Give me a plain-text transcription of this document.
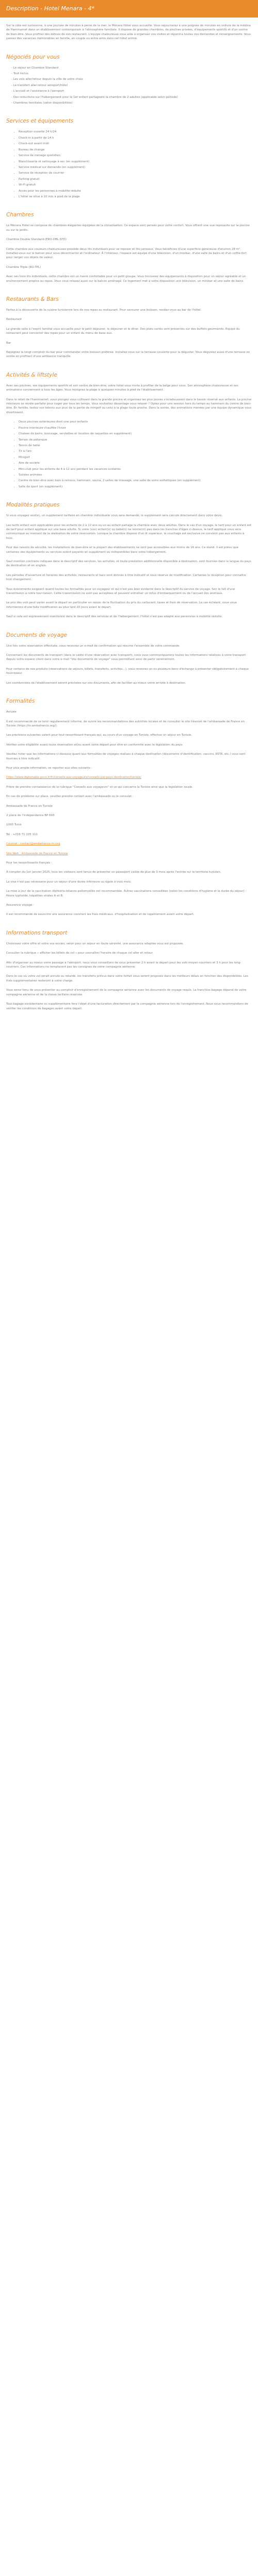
Description - Hotel Menara - 4*

Sur la côte est tunisienne, à une journée de minutes à peine de la mer, le Ménara Hôtel vous accueille. Vous séjournerez à une poignée de minutes en voiture de la médina de Hammamet dans un établissement contemporain à l'atmosphère familiale. Il dispose de grandes chambres, de piscines privées, d'équipements sportifs et d'un centre de bien-être. Vous profitez des délices de son restaurant. L'équipe chaleureuse vous aide à organiser vos visites et répond à toutes vos demandes et renseignements. Vous passez des vacances mémorables en famille, en couple ou entre amis dans cet hôtel animé.

Négociés pour vous
- Le séjour en Chambre Standard
- Tout inclus
- Les vols aller/retour depuis la ville de votre choix
- Le transfert aller-retour aéroport/hôtel
- L'accueil et l'assistance à l'aéroport
- Des réductions sur l'hébergement pour le 1er enfant partageant la chambre de 2 adultes (applicable selon période)
- Chambres familiales (selon disponibilités)
Services et équipements
• Réception ouverte 24 h/24
• Check-in à partir de 14 h
• Check-out avant midi
• Bureau de change
• Service de ménage quotidien
• Blanchisserie et nettoyage à sec (en supplément)
• Service médical sur demande (en supplément)
• Service de réception de courrier
• Parking gratuit
• Wi-Fi gratuit
• Accès pour les personnes à mobilité réduite
• L'hôtel se situe à 10 min à pied de la plage
Chambres

Le Ménara Hotel se compose de chambres élégantes équipées de la climatisation. Ce espace sont pensés pour votre confort. Vous offrent une vue reposante sur la piscine ou sur le jardin.

Chambre Double Standard (ERO-DBL-STD)

Cette chambre aux couleurs chaleureuses possède deux lits individuels pour se reposer et lits jumeaux. Vous bénéficiez d'une superficie généreuse d'environ 28 m². Installez-vous sur le balcon pour vous décontracter et l'ordinateur. À l'intérieur, l'espace est équipé d'une télévision, d'un minibar, d'une salle de bains et d'un coffre-fort pour ranger vos objets de valeur.

Chambre Triple (RO-TPL)

Avec ses trois lits individuels, cette chambre est un havre confortable pour un petit groupe. Vous trouverez des équipements à disposition pour un séjour agréable et un environnement propice au repos. Vous vous relaxez aussi sur le balcon aménagé. Ce logement met à votre disposition une télévision, un minibar et une salle de bains.

Restaurants & Bars

Partez à la découverte de la cuisine tunisienne lors de vos repas au restaurant. Pour savourer une boisson, rendez-vous au bar de l'hôtel.

Restaurant

La grande salle à l'esprit familial vous accueille pour le petit déjeuner, le déjeuner et le dîner. Des plats variés sont présentés sur des buffets gourmands. Equipé du restaurant peut concocter des repas pour un enfant du menu de base aux.

Bar

Rejoignez la longt comptoir du bar pour commander votre boisson préférée. Installez-vous sur la terrasse couverte pour la déguster. Vous dégustez aussi d'une terrasse en soirée en profitant d'une ambiance tranquille.

Activités & liftstyle

Avec ses piscines, ses équipements sportifs et son centre de bien-être, votre hôtel vous invite à profiter de la belge pour vous. Son atmosphère chaleureuse et ses animations conviennent à tous les âges. Vous rejoignez la plage à quelques minutes à pied de l'établissement.

Dans le relait de l'hammamet, vous piongez vous cultivant dans la grande piscine et organisez les plus jeunes s'éclaboussent dans le bassin réservé aux enfants. La piscine intérieure se révèle parfaite pour nager par tous les temps. Vous souhaitez davantage vous relaxer ? Optez pour une session hors du temps au hammam du centre de bien-être. En famille, testez vos talents aux jeux de la partie de mingolf ou celui à la plage toute proche. Dans la soirée, des animations menées par une équipe dynamique vous divertissent.

• Deux piscines extérieures dont une pour enfants
• Piscine intérieure chauffée l'hiver
• Chaises de bains, bronzage, serviettes et location de raquettes en supplément)
• Terrain de pétanque
• Tennis de table
• Tir à l'arc
• Minigolf
• Aire de société
• Mini-club pour les enfants de 4 à 12 ans pendant les vacances scolaires
• Soirées animées
• Centre de bien-être avec bain à remous, hammam, sauna, 2 salles de massage, une salle de soins esthétiques (en supplément)
• Salle de sport (en supplément)
Modalités pratiques

Si vous voyagez seul(e), un supplément tarifaire en chambre individuelle vous sera demandé, le supplément sera calculé directement dans votre devis.

Les tarifs enfant sont applicables pour les enfants de 2 à 12 ans ou un au enfant partage la chambre avec deux adultes. Dans le cas d'un voyage, le tarif pour un enfant est de tarif pour enfant applique sur une base adulte. Si votre (vos) enfant(s) ou bébé(s) ne rentre(nt) pas dans les tranches d'âges ci-dessus, le tarif appliqué vous sera communiqué au moment de la réalisation de votre réservation. Lorsque la chambre disposé d'un lit supérieur, le couchage est exclusive ne convient pas aux enfants à tous.

Pour des raisons de sécurité, les installations de bien-être et la plupart des établissements ne sont pas accessibles aux moins de 16 ans. Ce stand. Il est prévu que certaines des équipements ou services soient payants en supplément ou indisponibles dans votre hébergement.

Sauf mention contraire indiquée dans le descriptif des services, les activités, et toute prestation additionnelle disponible à destination, sont fournies dans la langue du pays de destination et en anglais.

Les périodes d'ouverture et horaires des activités, restaurants et bars sont donnés à titre indicatif et sous réserve de modification. Certaines le réception pour connaître tout changement.

Tous évenements exigeant quand toutes les formalités pour un voyageur et qui n'est pas bien évidente dans le descriptif du service de voyage. Son le fait d'une transmission à notre tour-liaison. Cette transmission ne sont pas acceptées et peuvent entraîner un refus d'embarquement ou de l'accueil des animaux.

Le prix des vols peut varier avant le départ en particulier en raison de la fluctuation du prix du carburant, taxes et frais de réservation. Le cas échéant, nous vous informerons d'une telle modification au plus tard 20 jours avant le départ.

Sauf si cela est expressément mentionné dans le descriptif des services et de l'hébergement, l'hôtel n'est pas adapté aux personnes à mobilité réduite.

Documents de voyage

Une fois votre réservation effectuée, vous recevrez un e-mail de confirmation qui résume l'ensemble de votre commande.

Concernant les documents de transport (dans le cadre d'une réservation avec transport), nous vous communiquerons toutes les informations relatives à votre transport depuis votre espace client dans votre e-mail "Vos documents de voyage" vous permettant ainsi de partir sereinement.

Pour certains de nos produits (réservations de séjours, billets, transferts, activités...), vous recevrez un ou plusieurs bons d'échange à présenter obligatoirement à chaque fournisseur.

Les coordonnées de l'établissement seront précisées sur vos documents, afin de faciliter au mieux votre arrivée à destination.

Formalités

Arrivée

Il est recommandé de se tenir régulièrement informé, de suivre les recommandations des autorités locales et de consulter le site Internet de l'ambassade de France en Tunisie (https://tn.ambafrance.org/).

Les précisions suivantes valent pour tout ressortissant français qui, au cours d'un voyage en Tunisie, effectue un séjour en Tunisie.

Vérifiez votre éligibilité avant toute réservation et/ou avant votre départ pour être en conformité avec la législation du pays.

Veuillez noter que les informations ci-dessous quant aux formalités de voyages réalisés à chaque destination (documents d'identification, vaccins, ESTA, etc.) vous sont fournies à titre indicatif.

Pour plus ample information, se reporter aux sites suivants :

https://www.diplomatie.gouv.fr/fr/conseils-aux-voyageurs/conseils-par-pays-destination/tunisie/

Prière de prendre connaissance de la rubrique "Conseils aux voyageurs" et ce qui concerne la Tunisie ainsi que la législation locale.

En cas de problème sur place, veuillez prendre contact avec l'ambassade ou le consulat :

Ambassade de France en Tunisie

2 place de l'indépendance BP 693

1000 Tunis

Tel : +216 71 105 111

Courriel : contact@ambafrance-tn.org

Site Web : Ambassade de France en Tunisie

Pour les ressortissants français :

À compter du 1er janvier 2025, tous les visiteurs sont tenus de présenter un passeport valide de plus de 3 mois après l'entrée sur le territoire tunisien.

La visa n'est pas nécessaire pour un séjour d'une durée inférieure ou égale à trois mois.

La mise à jour de la vaccination diphtérie-tétanos-poliomyélite est recommandée. Autres vaccinations conseillées (selon les conditions d'hygiène et la durée du séjour) : fièvre typhoïde, hépatites virales A et B.

Assurance voyage :

Il est recommandé de souscrire une assurance couvrant les frais médicaux, d'hospitalisation et de rapatriement avant votre départ.

Informations transport

Choisissez votre offre et votre vos envies, selon pour un séjour en toute sérénité, une assurance adaptée vous est proposée.

Consulter la rubrique « afficher les billets de vol » pour connaître l'horaire de chaque vol aller et retour.

Afin d'organiser au mieux votre passage à l'aéroport, nous vous conseillons de vous présenter 2 h avant le départ pour les vols moyen-courriers et 3 h pour les long-courriers. Ces informations ne remplacent pas les consignes de votre compagnie aérienne.

Dans le cas où votre vol serait annulé ou retardé, les transferts prévus dans votre forfait vous seront proposés dans les meilleurs délais en fonction des disponibilités. Les frais supplémentaires resteront à votre charge.

Vous serez tenu de vous présenter au comptoir d'enregistrement de la compagnie aérienne avec les documents de voyage requis. La franchise bagage dépend de votre compagnie aérienne et de la classe tarifaire réservée.

Tout bagage excédentaire ou supplémentaire fera l'objet d'une facturation directement par la compagnie aérienne lors de l'enregistrement. Nous vous recommandons de vérifier les conditions de bagages avant votre départ.
